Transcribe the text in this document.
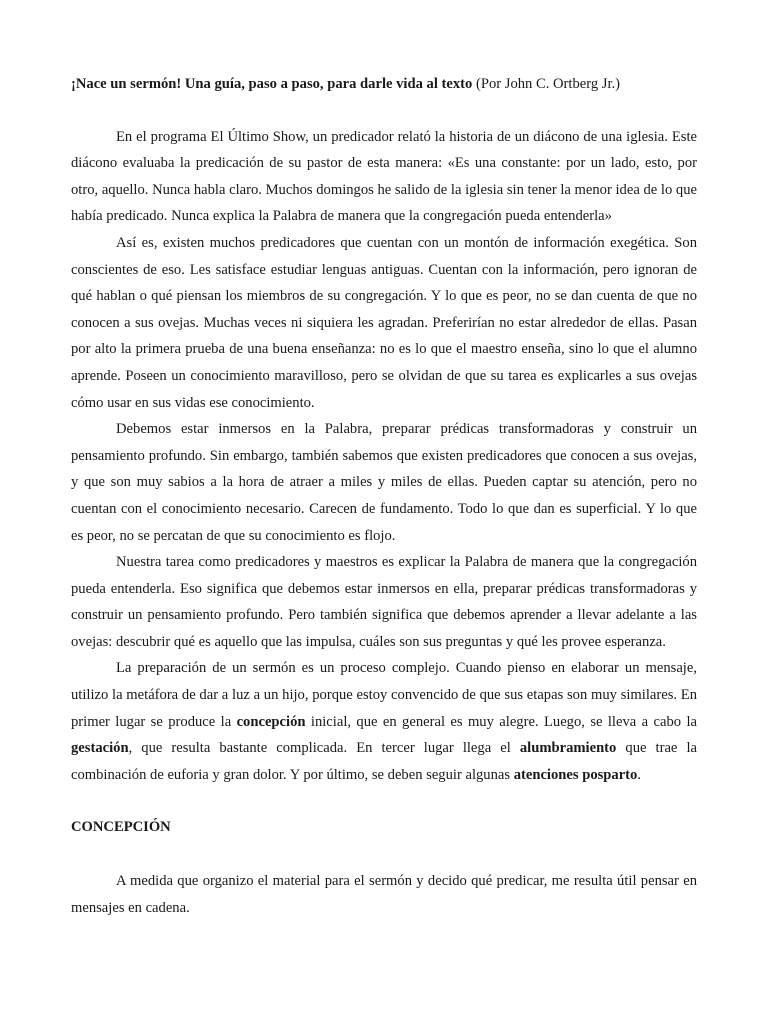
¡Nace un sermón! Una guía, paso a paso, para darle vida al texto (Por John C. Ortberg Jr.)

En el programa El Último Show, un predicador relató la historia de un diácono de una iglesia. Este diácono evaluaba la predicación de su pastor de esta manera: «Es una constante: por un lado, esto, por otro, aquello. Nunca habla claro. Muchos domingos he salido de la iglesia sin tener la menor idea de lo que había predicado. Nunca explica la Palabra de manera que la congregación pueda entenderla»

Así es, existen muchos predicadores que cuentan con un montón de información exegética. Son conscientes de eso. Les satisface estudiar lenguas antiguas. Cuentan con la información, pero ignoran de qué hablan o qué piensan los miembros de su congregación. Y lo que es peor, no se dan cuenta de que no conocen a sus ovejas. Muchas veces ni siquiera les agradan. Preferirían no estar alrededor de ellas. Pasan por alto la primera prueba de una buena enseñanza: no es lo que el maestro enseña, sino lo que el alumno aprende. Poseen un conocimiento maravilloso, pero se olvidan de que su tarea es explicarles a sus ovejas cómo usar en sus vidas ese conocimiento.

Debemos estar inmersos en la Palabra, preparar prédicas transformadoras y construir un pensamiento profundo. Sin embargo, también sabemos que existen predicadores que conocen a sus ovejas, y que son muy sabios a la hora de atraer a miles y miles de ellas. Pueden captar su atención, pero no cuentan con el conocimiento necesario. Carecen de fundamento. Todo lo que dan es superficial. Y lo que es peor, no se percatan de que su conocimiento es flojo.

Nuestra tarea como predicadores y maestros es explicar la Palabra de manera que la congregación pueda entenderla. Eso significa que debemos estar inmersos en ella, preparar prédicas transformadoras y construir un pensamiento profundo. Pero también significa que debemos aprender a llevar adelante a las ovejas: descubrir qué es aquello que las impulsa, cuáles son sus preguntas y qué les provee esperanza.

La preparación de un sermón es un proceso complejo. Cuando pienso en elaborar un mensaje, utilizo la metáfora de dar a luz a un hijo, porque estoy convencido de que sus etapas son muy similares. En primer lugar se produce la concepción inicial, que en general es muy alegre. Luego, se lleva a cabo la gestación, que resulta bastante complicada. En tercer lugar llega el alumbramiento que trae la combinación de euforia y gran dolor. Y por último, se deben seguir algunas atenciones posparto.

CONCEPCIÓN

A medida que organizo el material para el sermón y decido qué predicar, me resulta útil pensar en mensajes en cadena.
